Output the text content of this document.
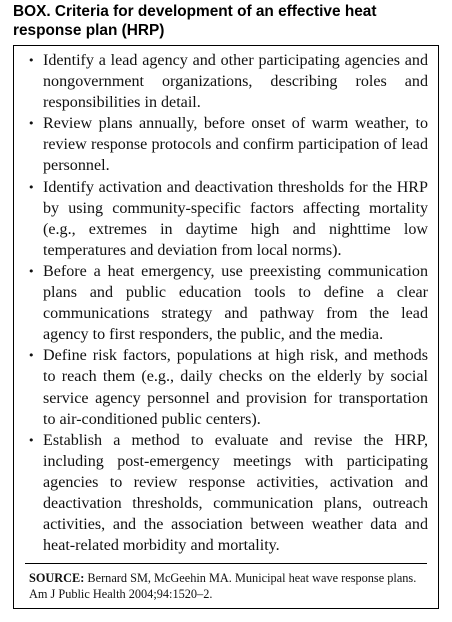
BOX. Criteria for development of an effective heat response plan (HRP)
• Identify a lead agency and other participating agencies and nongovernment organizations, describing roles and responsibilities in detail.
• Review plans annually, before onset of warm weather, to review response protocols and confirm participation of lead personnel.
• Identify activation and deactivation thresholds for the HRP by using community-specific factors affecting mortality (e.g., extremes in daytime high and nighttime low temperatures and deviation from local norms).
• Before a heat emergency, use preexisting communication plans and public education tools to define a clear communications strategy and pathway from the lead agency to first responders, the public, and the media.
• Define risk factors, populations at high risk, and methods to reach them (e.g., daily checks on the elderly by social service agency personnel and provision for transportation to air-conditioned public centers).
• Establish a method to evaluate and revise the HRP, including post-emergency meetings with participating agencies to review response activities, activation and deactivation thresholds, communication plans, outreach activities, and the association between weather data and heat-related morbidity and mortality.

SOURCE: Bernard SM, McGeehin MA. Municipal heat wave response plans. Am J Public Health 2004;94:1520–2.
